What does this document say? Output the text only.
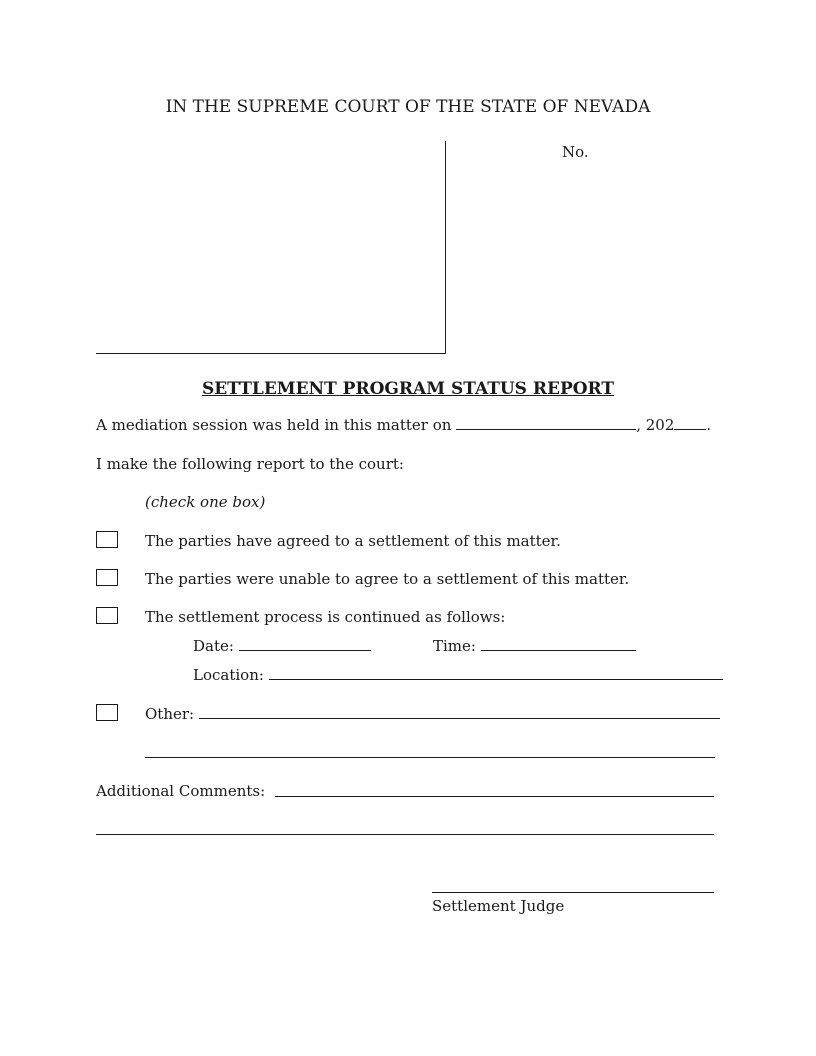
IN THE SUPREME COURT OF THE STATE OF NEVADA
No.
SETTLEMENT PROGRAM STATUS REPORT
A mediation session was held in this matter on	, 202 .
I make the following report to the court:
(check one box)
The parties have agreed to a settlement of this matter.
The parties were unable to agree to a settlement of this matter.
The settlement process is continued as follows:
Date:	Time:
Location:
Other:
Additional Comments:
Settlement Judge
